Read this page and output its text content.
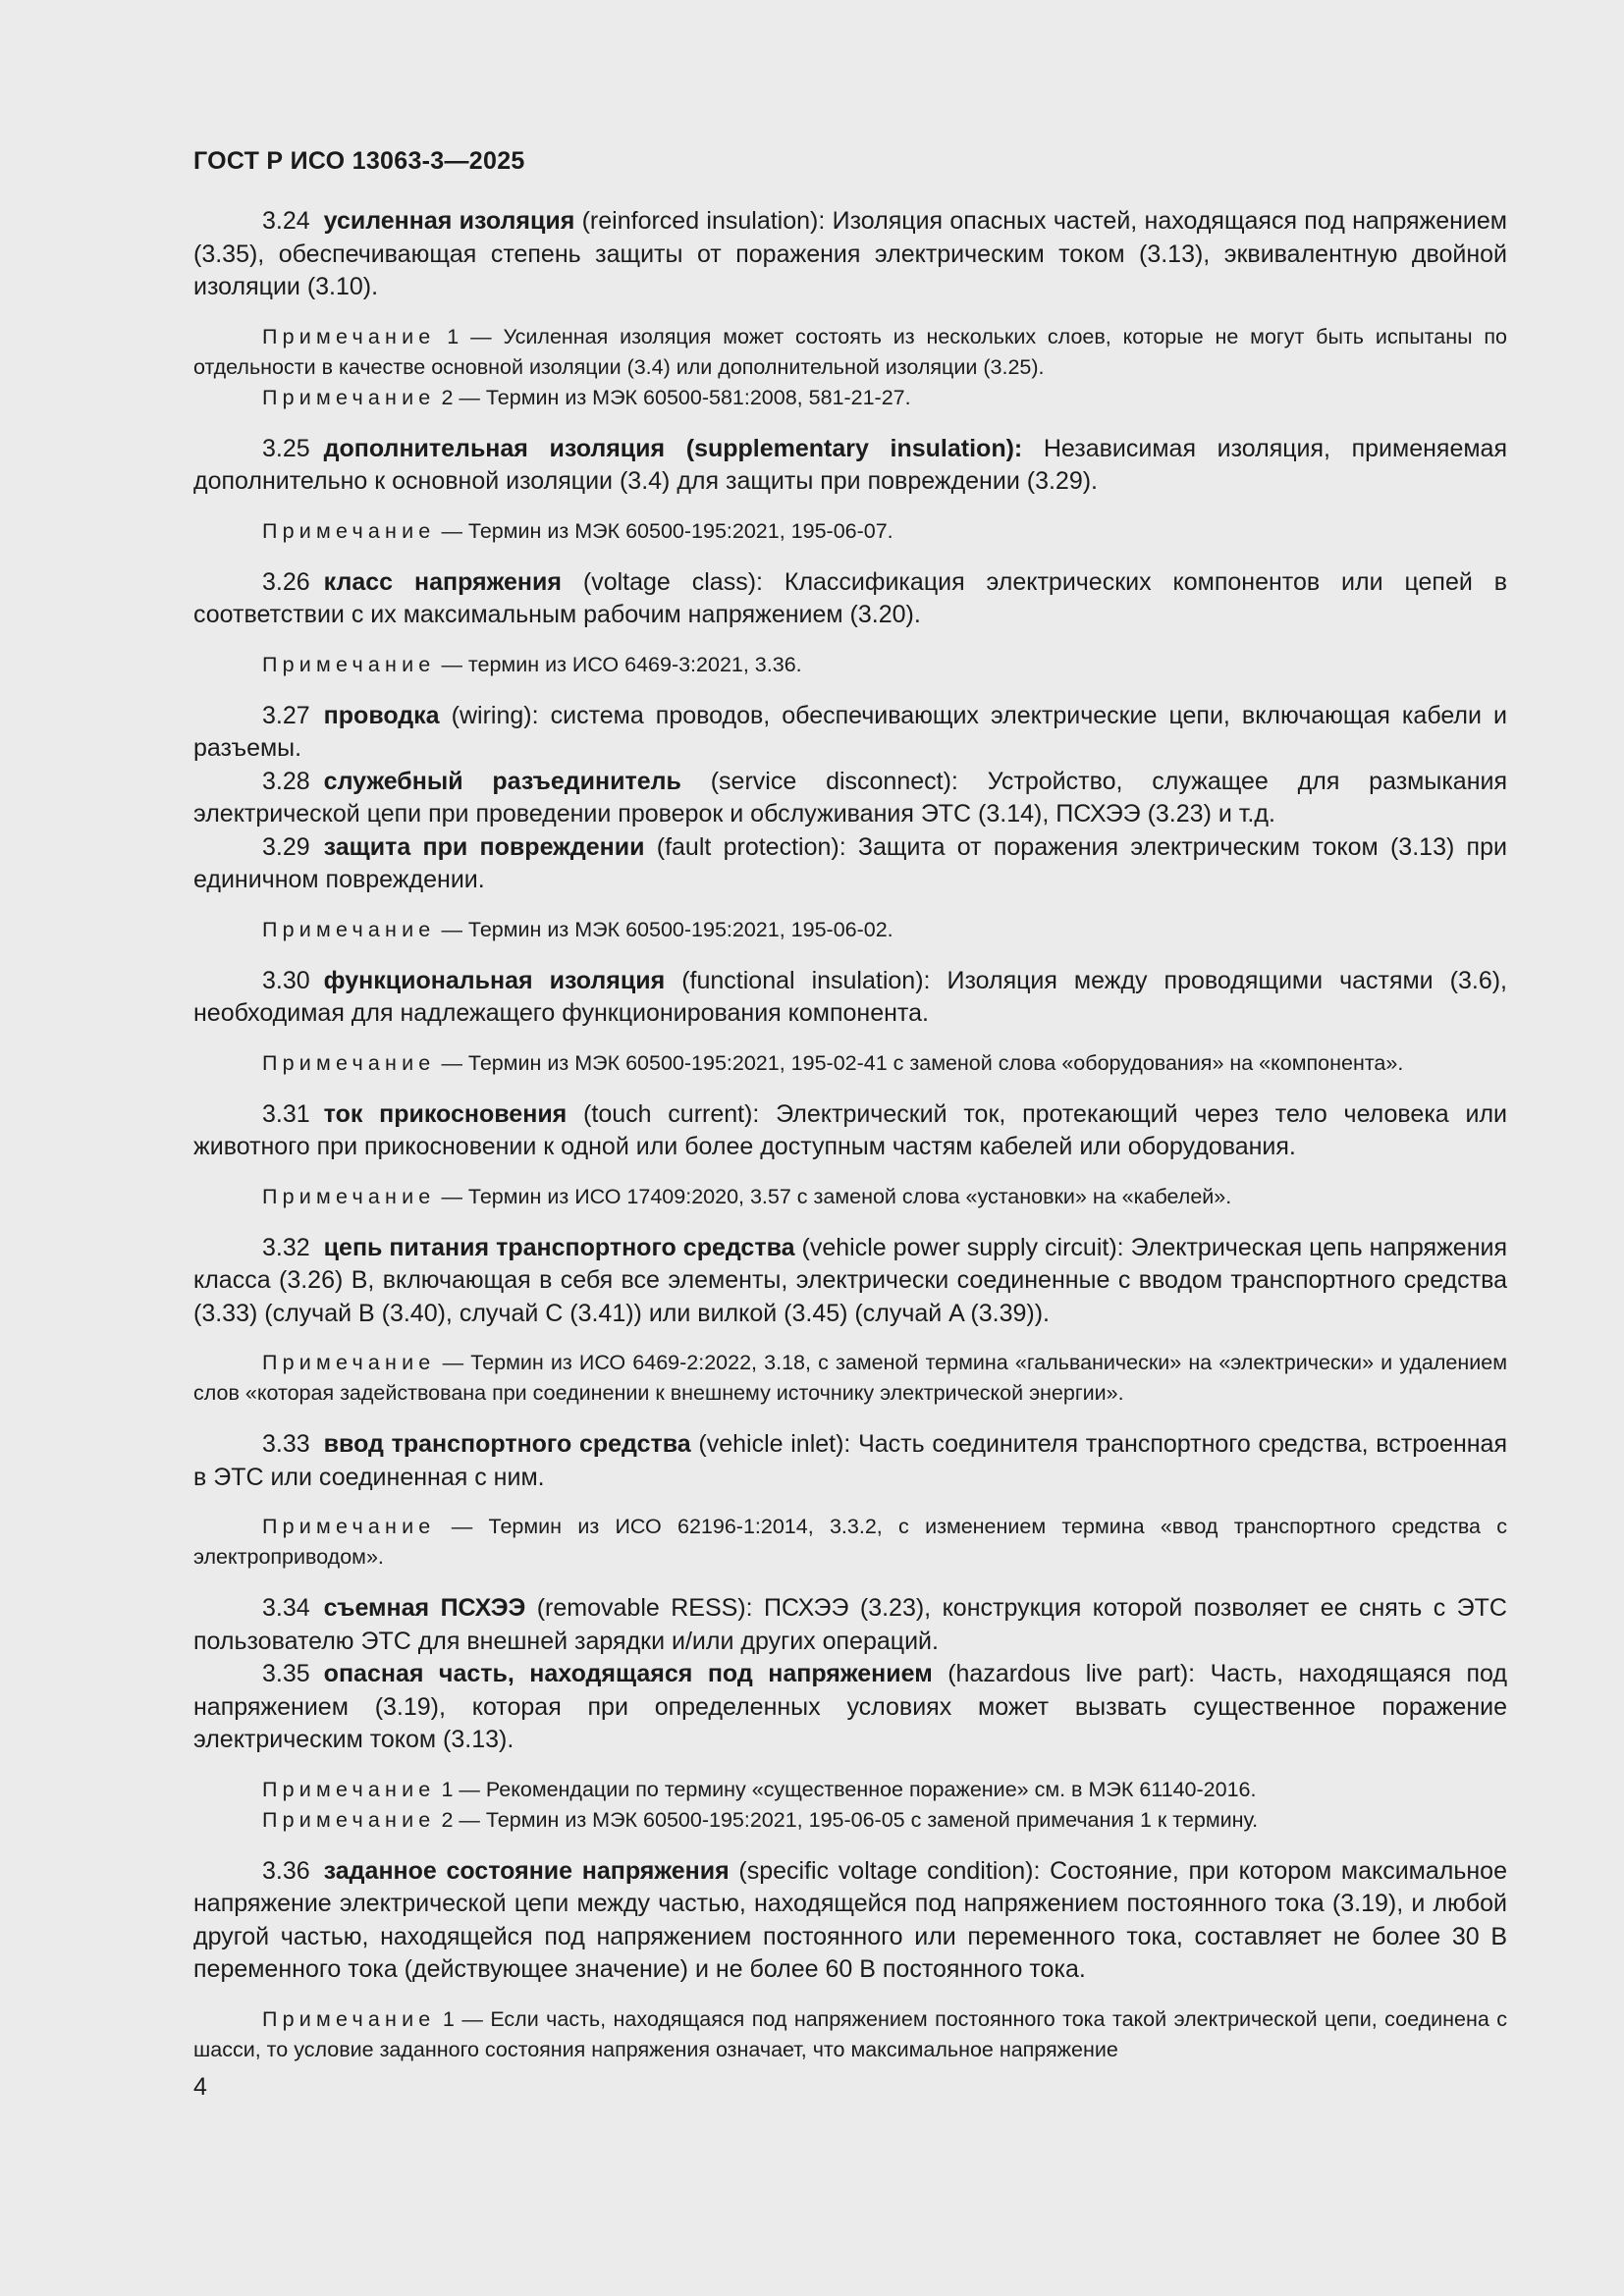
ГОСТ Р ИСО 13063-3—2025

3.24 усиленная изоляция (reinforced insulation): Изоляция опасных частей, находящаяся под напряжением (3.35), обеспечивающая степень защиты от поражения электрическим током (3.13), эквивалентную двойной изоляции (3.10).

Примечание 1 — Усиленная изоляция может состоять из нескольких слоев, которые не могут быть испытаны по отдельности в качестве основной изоляции (3.4) или дополнительной изоляции (3.25).

Примечание 2 — Термин из МЭК 60500-581:2008, 581-21-27.

3.25 дополнительная изоляция (supplementary insulation): Независимая изоляция, применяемая дополнительно к основной изоляции (3.4) для защиты при повреждении (3.29).

Примечание — Термин из МЭК 60500-195:2021, 195-06-07.

3.26 класс напряжения (voltage class): Классификация электрических компонентов или цепей в соответствии с их максимальным рабочим напряжением (3.20).

Примечание — термин из ИСО 6469-3:2021, 3.36.

3.27 проводка (wiring): система проводов, обеспечивающих электрические цепи, включающая кабели и разъемы.

3.28 служебный разъединитель (service disconnect): Устройство, служащее для размыкания электрической цепи при проведении проверок и обслуживания ЭТС (3.14), ПСХЭЭ (3.23) и т.д.

3.29 защита при повреждении (fault protection): Защита от поражения электрическим током (3.13) при единичном повреждении.

Примечание — Термин из МЭК 60500-195:2021, 195-06-02.

3.30 функциональная изоляция (functional insulation): Изоляция между проводящими частями (3.6), необходимая для надлежащего функционирования компонента.

Примечание — Термин из МЭК 60500-195:2021, 195-02-41 с заменой слова «оборудования» на «компонента».

3.31 ток прикосновения (touch current): Электрический ток, протекающий через тело человека или животного при прикосновении к одной или более доступным частям кабелей или оборудования.

Примечание — Термин из ИСО 17409:2020, 3.57 с заменой слова «установки» на «кабелей».

3.32 цепь питания транспортного средства (vehicle power supply circuit): Электрическая цепь напряжения класса (3.26) B, включающая в себя все элементы, электрически соединенные с вводом транспортного средства (3.33) (случай B (3.40), случай C (3.41)) или вилкой (3.45) (случай A (3.39)).

Примечание — Термин из ИСО 6469-2:2022, 3.18, с заменой термина «гальванически» на «электрически» и удалением слов «которая задействована при соединении к внешнему источнику электрической энергии».

3.33 ввод транспортного средства (vehicle inlet): Часть соединителя транспортного средства, встроенная в ЭТС или соединенная с ним.

Примечание — Термин из ИСО 62196-1:2014, 3.3.2, с изменением термина «ввод транспортного средства с электроприводом».

3.34 съемная ПСХЭЭ (removable RESS): ПСХЭЭ (3.23), конструкция которой позволяет ее снять с ЭТС пользователю ЭТС для внешней зарядки и/или других операций.

3.35 опасная часть, находящаяся под напряжением (hazardous live part): Часть, находящаяся под напряжением (3.19), которая при определенных условиях может вызвать существенное поражение электрическим током (3.13).

Примечание 1 — Рекомендации по термину «существенное поражение» см. в МЭК 61140-2016.

Примечание 2 — Термин из МЭК 60500-195:2021, 195-06-05 с заменой примечания 1 к термину.

3.36 заданное состояние напряжения (specific voltage condition): Состояние, при котором максимальное напряжение электрической цепи между частью, находящейся под напряжением постоянного тока (3.19), и любой другой частью, находящейся под напряжением постоянного или переменного тока, составляет не более 30 В переменного тока (действующее значение) и не более 60 В постоянного тока.

Примечание 1 — Если часть, находящаяся под напряжением постоянного тока такой электрической цепи, соединена с шасси, то условие заданного состояния напряжения означает, что максимальное напряжение

4
